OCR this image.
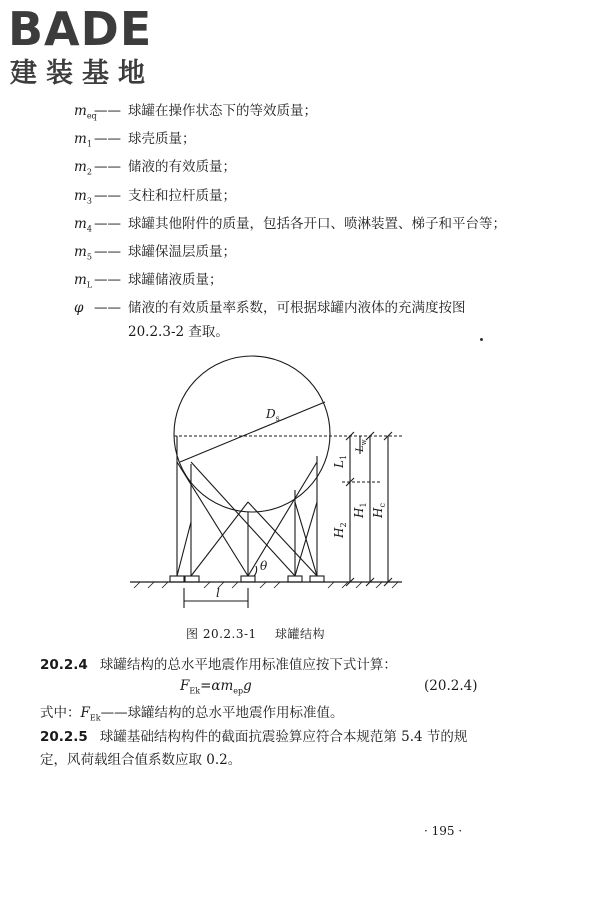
BADE
建装基地
$m_{eq}$
—— 球罐在操作状态下的等效质量；
$m_1$ —— 球壳质量；
$m_2$ —— 储液的有效质量；
$m_3$ —— 支柱和拉杆质量；
$m_4$ —— 球罐其他附件的质量，包括各开口、喷淋装置、梯子和平台等；
$m_5$ —— 球罐保温层质量；
$m_L$ —— 球罐储液质量；
φ —— 储液的有效质量率系数，可根据球罐内液体的充满度按图 20.2.3-2 查取。
$D_s$
$L_1$
$L_w$
$H_2$
$H_1$
$H_c$
θ
l
图 20.2.3-1 球罐结构
20.2.4 球罐结构的总水平地震作用标准值应按下式计算：
$F_{Ek}=\alpha m_{ep}g$	(20.2.4)
式中：$F_{Ek}——$球罐结构的总水平地震作用标准值。
20.2.5 球罐基础结构构件的截面抗震验算应符合本规范第 5.4 节的规定，风荷载组合值系数应取 0.2。
· 195 ·
